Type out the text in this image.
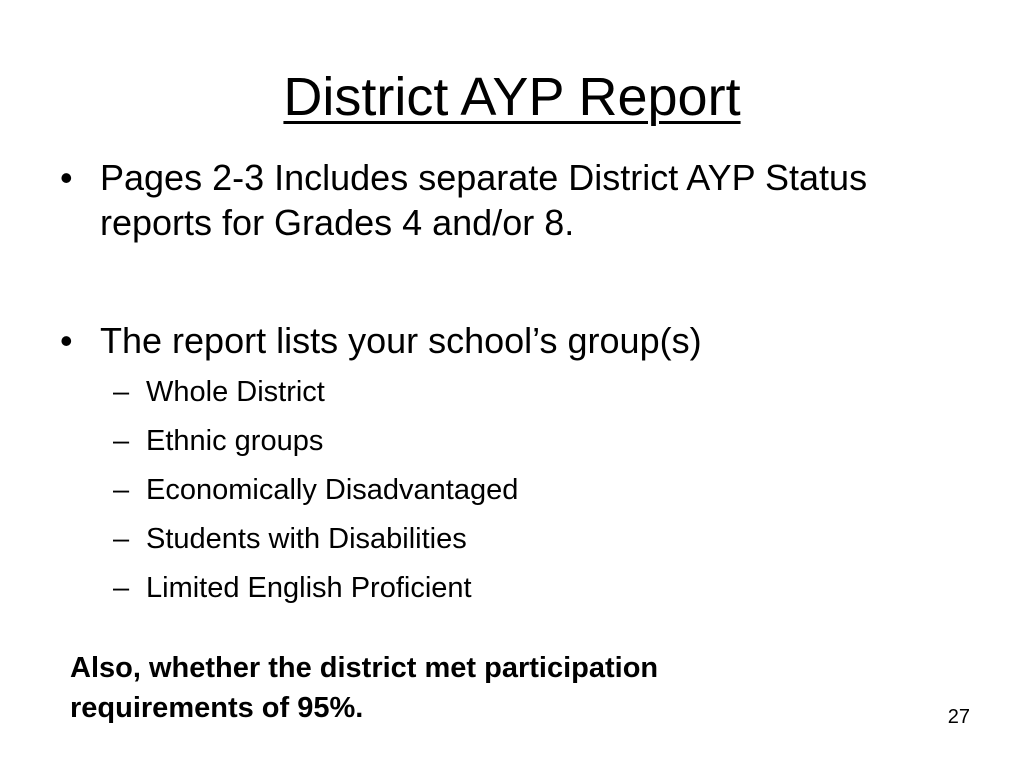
District AYP Report
• Pages 2-3 Includes separate District AYP Status reports for Grades 4 and/or 8.
• The report lists your school’s group(s)
– Whole District
– Ethnic groups
– Economically Disadvantaged
– Students with Disabilities
– Limited English Proficient
Also, whether the district met participation requirements of 95%.	27
